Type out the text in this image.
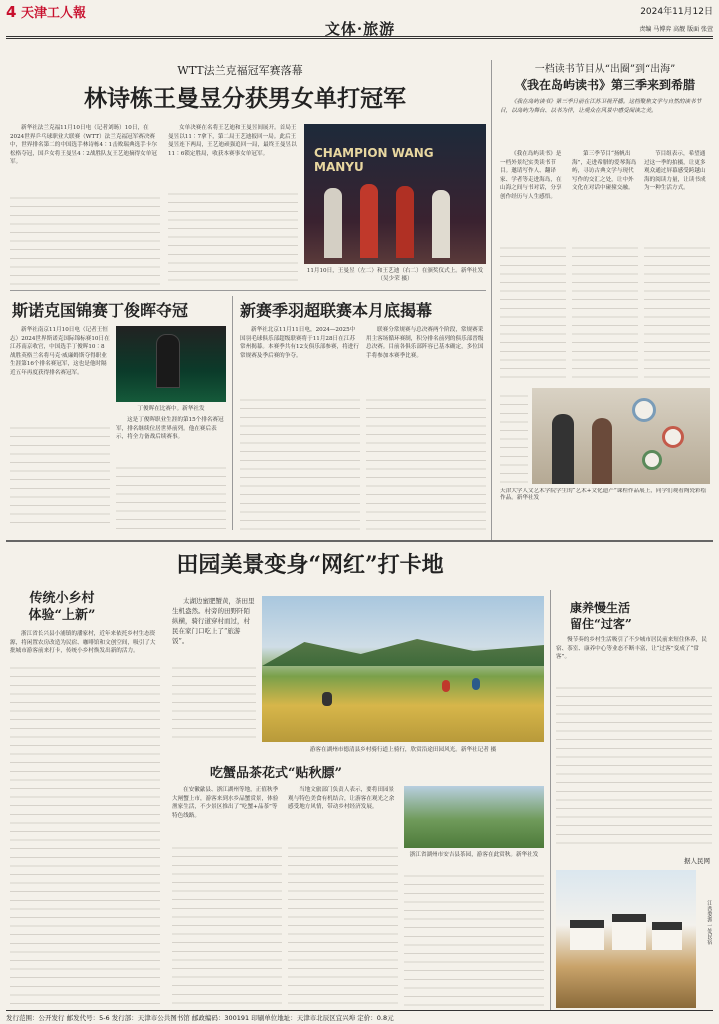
4 天津工人報	2024年11月12日
文体·旅游	责编 马博弈 高靓 版面 张萱
WTT法兰克福冠军赛落幕
林诗栋王曼昱分获男女单打冠军

新华社法兰克福11月10日电（记者刘旸）10日，在2024世界乒乓球职业大联赛（WTT）法兰克福冠军赛决赛中，世界排名第二的中国选手林诗栋4∶1击败瑞典选手卡尔松格夺冠，国乒女将王曼昱4∶2战胜队友王艺迪摘得女单冠军。

女单决赛在名将王艺迪和王曼昱间展开。首局王曼昱以11∶7拿下，第二局王艺迪扳回一局。此后王曼昱连下两局，王艺迪顽强追回一局，最终王曼昱以11∶6锁定胜局，收获本赛事女单冠军。	CHAMPION WANG MANYU
11月10日，王曼昱（左二）和王艺迪（右二）在颁奖仪式上。新华社发（吴少荣 摄）
斯诺克国锦赛丁俊晖夺冠

新华社南京11月10日电（记者王恒志）2024世界斯诺克国际锦标赛10日在江苏南京收官，中国选手丁俊晖10∶8战胜英格兰名将马克·威廉姆斯夺得职业生涯第16个排名赛冠军，这也是他时隔近五年再度获得排名赛冠军。

丁俊晖在比赛中。新华社发

这是丁俊晖职业生涯的第15个排名赛冠军，排名继续位居世界前列。他在赛后表示，将全力备战后续赛事。

新赛季羽超联赛本月底揭幕

新华社北京11月11日电，2024—2025中国羽毛球俱乐部超级联赛将于11月28日在江苏常州揭幕。本赛季共有12支俱乐部参赛，将进行常规赛及季后赛的争夺。

联赛分常规赛与总决赛两个阶段，常规赛采用主客场循环赛制，积分排名前列的俱乐部晋级总决赛。目前各俱乐部阵容已基本确定，多位国手将参加本赛季比赛。

一档读书节目从“出圈”到“出海”
《我在岛屿读书》第三季来到希腊

《我在岛屿读书》第三季日前在江苏卫视开播。这档聚焦文学与自然的读书节目，以岛屿为舞台、以书为伴，让观众在风景中感受阅读之美。

《我在岛屿读书》是一档外景纪实类读书节目。邀请写作人、翻译家、学者等走进海岛，在山海之间与书对话，分享创作经历与人生感悟。

第三季节目“扬帆出海”，走进希腊的爱琴海岛屿，寻访古典文学与现代写作的交汇之处，让中外文化在对话中碰撞交融。

节目组表示，希望通过这一季的拍摄，让更多观众通过屏幕感受跨越山海的阅读力量，让读书成为一种生活方式。

天津大学人文艺术学院学生的“艺术+文化遗产”课程作品展上，同学们观看陶瓷彩绘作品。新华社发
田园美景变身“网红”打卡地
传统小乡村
体验“上新”

浙江省长兴县小浦镇的潘家村，近年来依托乡村生态资源，将闲置农房改造为民宿、咖啡馆和文创空间，吸引了大批城市游客前来打卡，传统小乡村焕发出新的活力。

太湖边蜜肥蟹黄，茶田里生机盎然。村旁的田野阡陌纵横，骑行道穿村而过，村民在家门口吃上了“旅游饭”。

游客在湖州市德清县乡村骑行道上骑行，欣赏沿途田园风光。新华社记者 摄
吃蟹品茶花式“贴秋膘”

在安徽歙县、浙江湖州等地，正值秋季大闸蟹上市，游客来到水乡品蟹赏景，体验渔家生活，不少景区推出了“吃蟹+品茶”等特色线路。

当地文旅部门负责人表示，要将田园景观与特色美食有机结合，让游客在观光之余感受地方风情，带动乡村经济发展。

浙江省湖州市安吉县茶园，游客在此赏秋。新华社发
康养慢生活
留住“过客”

慢节奏的乡村生活吸引了不少城市居民前来短住休养，民宿、茶室、康养中心等业态不断丰富，让“过客”变成了“常客”。

据人民网
江西婺源一处民宿
发行范围：公开发行 邮发代号：5-6 发行部：天津市公共图书馆 邮政编码：300191 印刷单位地址：天津市北辰区宜兴埠 定价：0.8元
